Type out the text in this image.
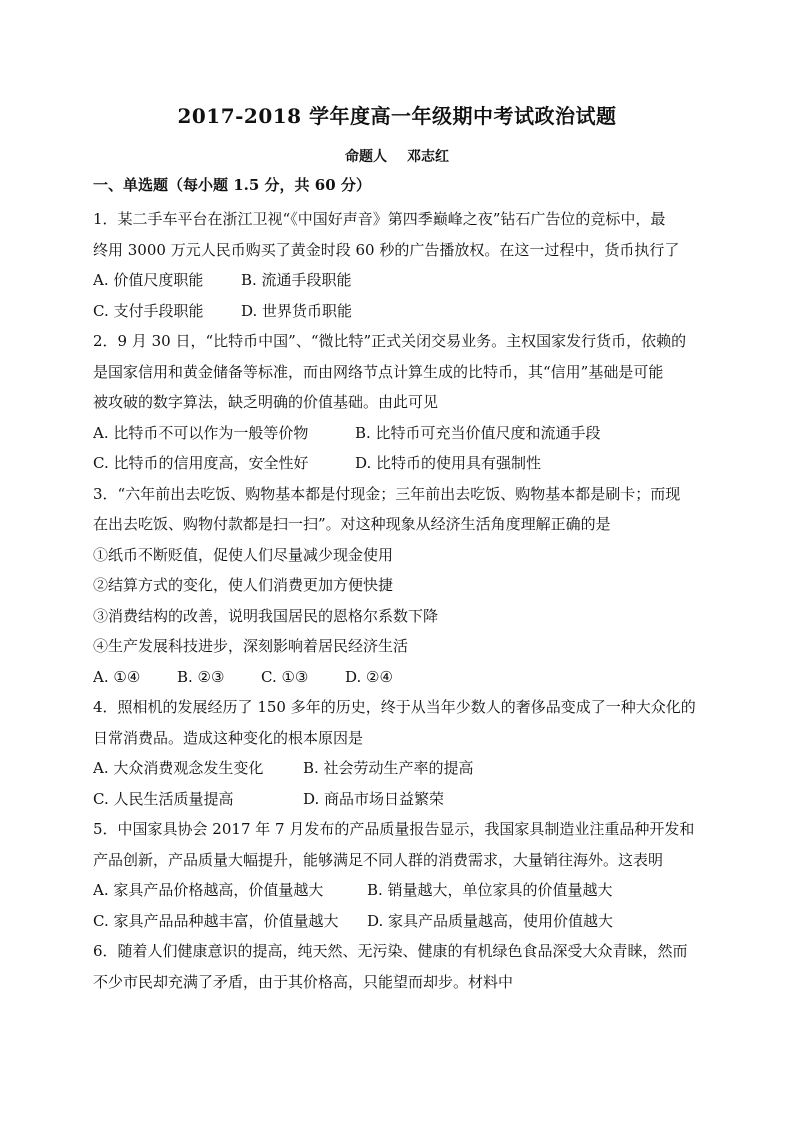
2017-2018 学年度高一年级期中考试政治试题
命题人 邓志红
一、单选题（每小题 1.5 分，共 60 分）
1．某二手车平台在浙江卫视“《中国好声音》第四季巅峰之夜”钻石广告位的竞标中，最
终用 3000 万元人民币购买了黄金时段 60 秒的广告播放权。在这一过程中，货币执行了
A. 价值尺度职能	B. 流通手段职能
C. 支付手段职能	D. 世界货币职能
2．9 月 30 日，“比特币中国”、“微比特”正式关闭交易业务。主权国家发行货币，依赖的
是国家信用和黄金储备等标准，而由网络节点计算生成的比特币，其“信用”基础是可能
被攻破的数字算法，缺乏明确的价值基础。由此可见
A. 比特币不可以作为一般等价物	B. 比特币可充当价值尺度和流通手段
C. 比特币的信用度高，安全性好	D. 比特币的使用具有强制性
3．“六年前出去吃饭、购物基本都是付现金；三年前出去吃饭、购物基本都是刷卡；而现
在出去吃饭、购物付款都是扫一扫”。对这种现象从经济生活角度理解正确的是
①纸币不断贬值，促使人们尽量减少现金使用
②结算方式的变化，使人们消费更加方便快捷
③消费结构的改善，说明我国居民的恩格尔系数下降
④生产发展科技进步，深刻影响着居民经济生活
A. ①④ B. ②③ C. ①③ D. ②④
4．照相机的发展经历了 150 多年的历史，终于从当年少数人的奢侈品变成了一种大众化的
日常消费品。造成这种变化的根本原因是
A. 大众消费观念发生变化	B. 社会劳动生产率的提高
C. 人民生活质量提高	D. 商品市场日益繁荣
5．中国家具协会 2017 年 7 月发布的产品质量报告显示，我国家具制造业注重品种开发和
产品创新，产品质量大幅提升，能够满足不同人群的消费需求，大量销往海外。这表明
A. 家具产品价格越高，价值量越大	B. 销量越大，单位家具的价值量越大
C. 家具产品品种越丰富，价值量越大 D. 家具产品质量越高，使用价值越大
6．随着人们健康意识的提高，纯天然、无污染、健康的有机绿色食品深受大众青睐，然而
不少市民却充满了矛盾，由于其价格高，只能望而却步。材料中
